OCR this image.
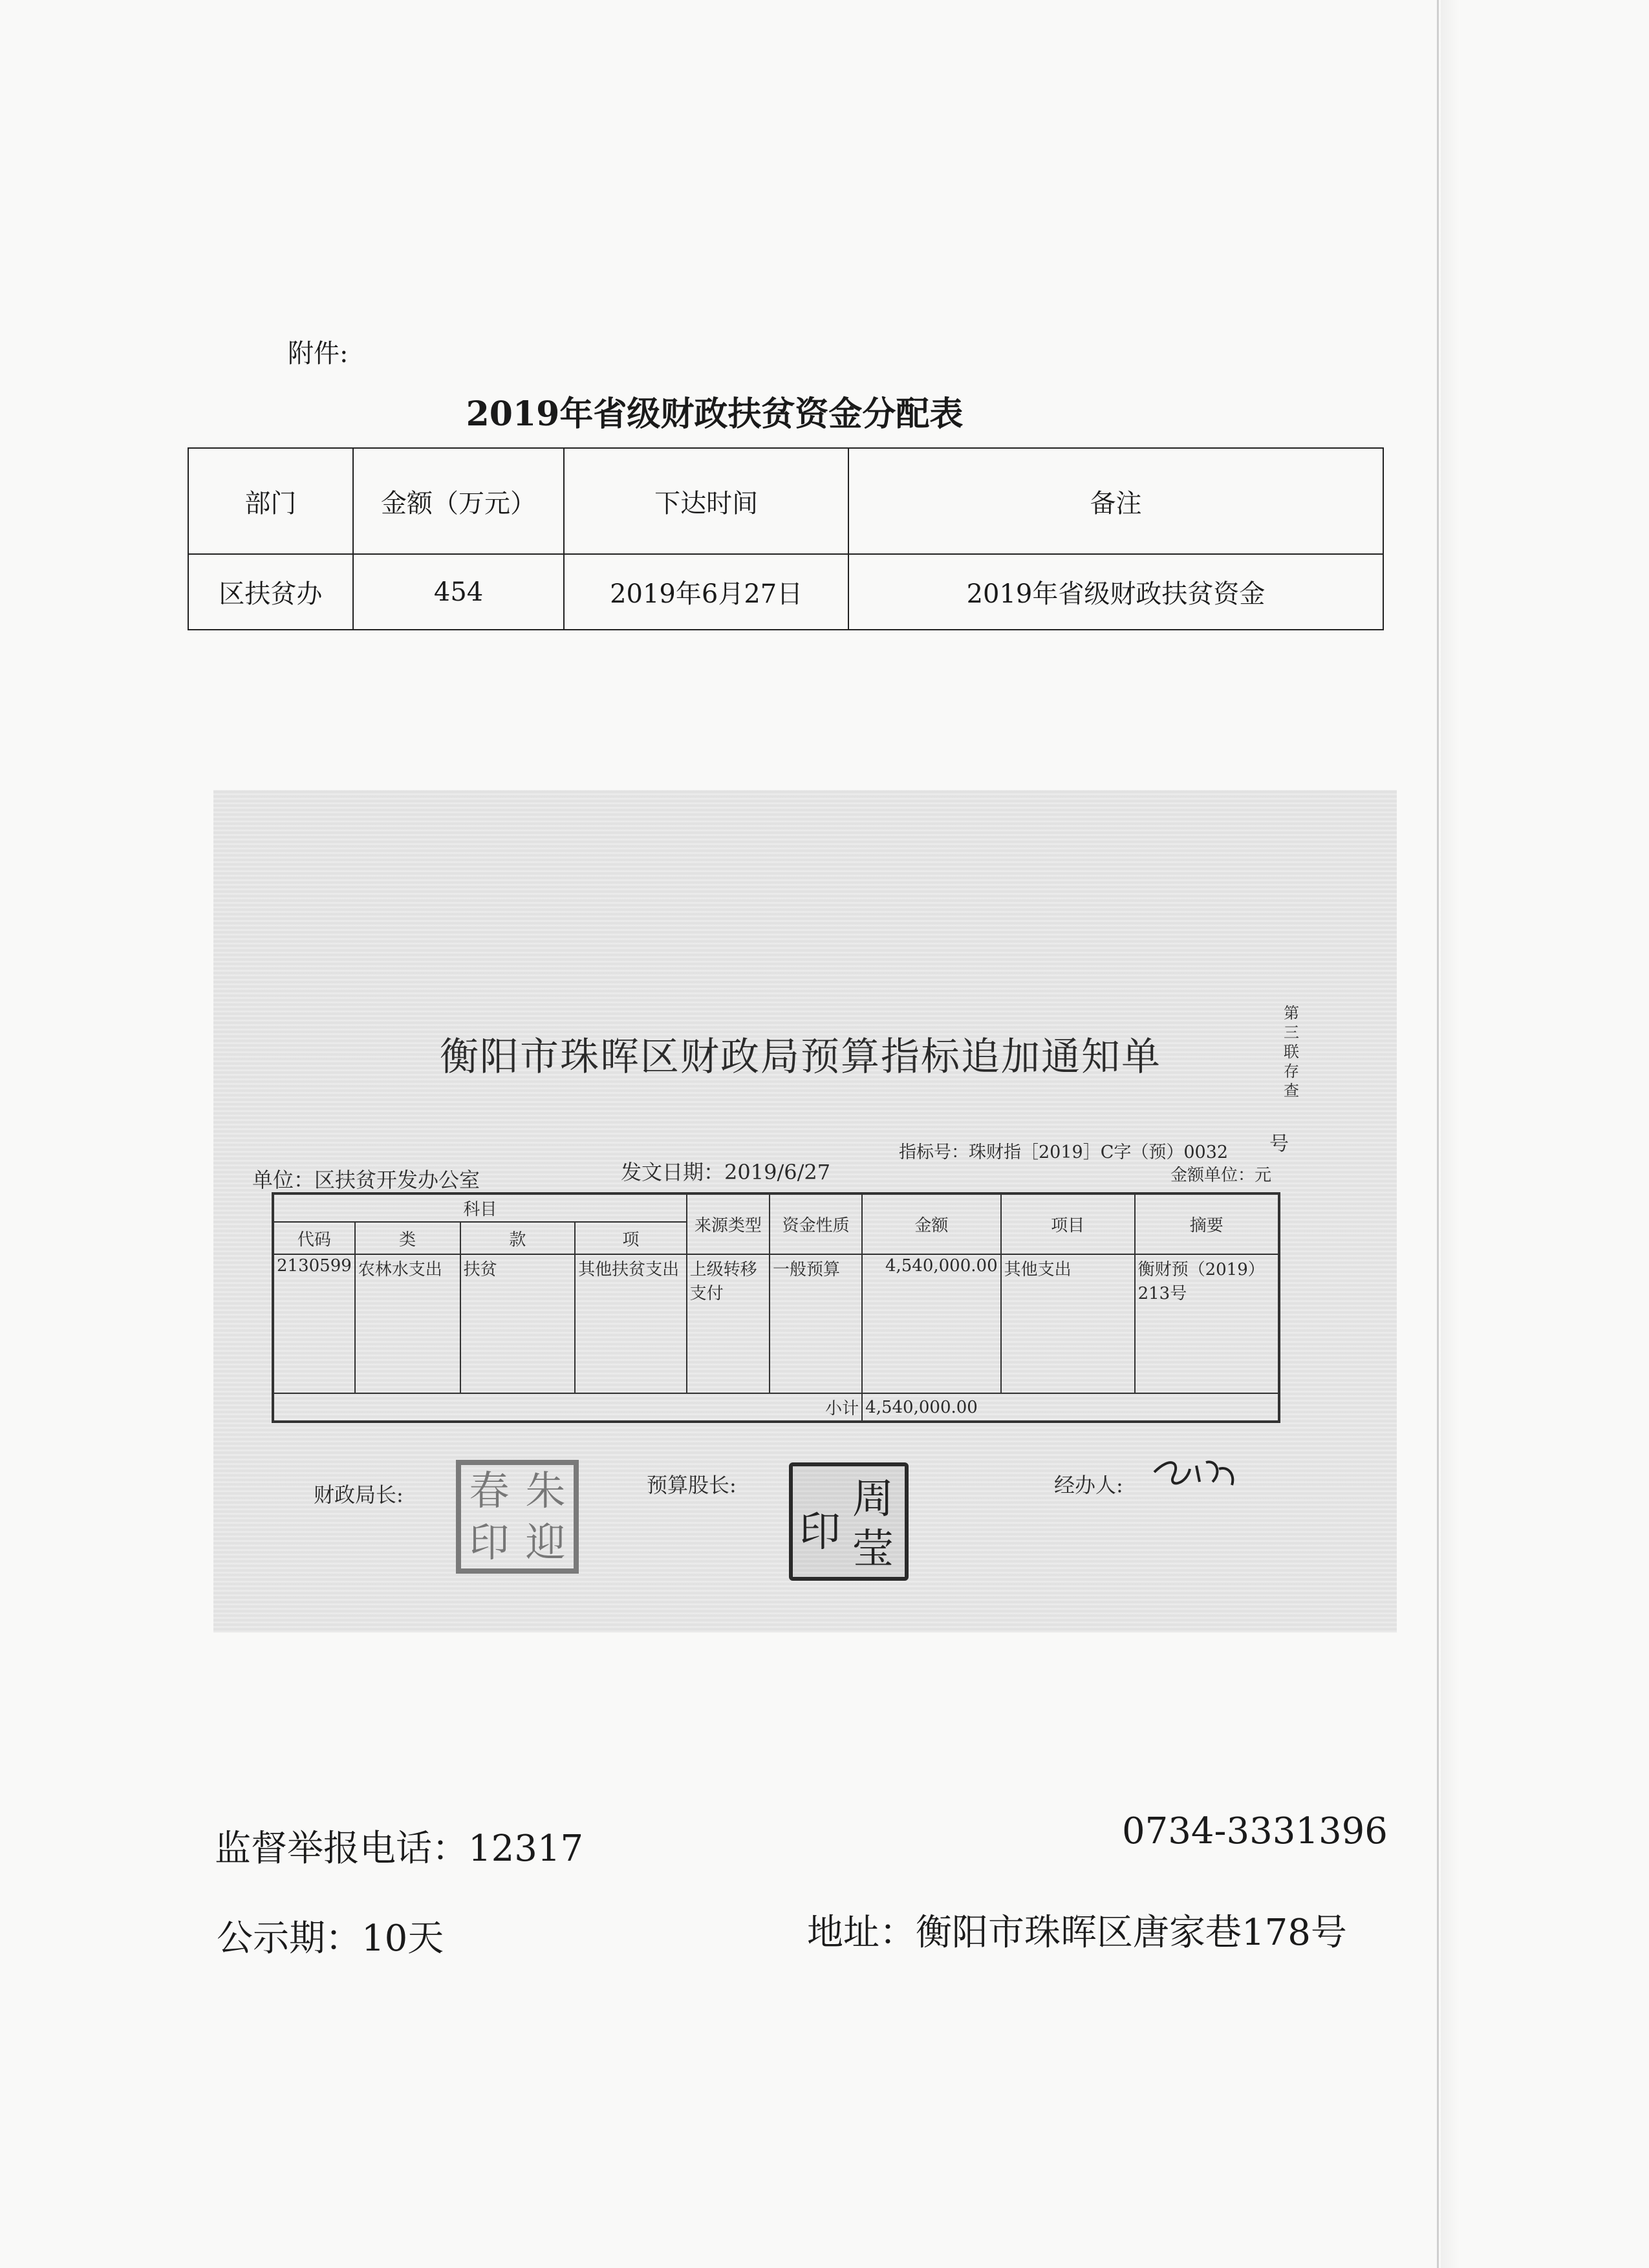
附件:
2019年省级财政扶贫资金分配表
部门	金额（万元）	下达时间	备注
区扶贫办	454	2019年6月27日	2019年省级财政扶贫资金
衡阳市珠晖区财政局预算指标追加通知单
第三联存查
指标号：珠财指［2019］C字（预）0032 号
单位：区扶贫开发办公室	发文日期：2019/6/27	金额单位：元
科目				来源类型	资金性质	金额	项目	摘要
代码	类	款	项					
2130599	农林水支出	扶贫	其他扶贫支出	上级转移支付	一般预算	4,540,000.00	其他支出	衡财预（2019）213号
小计						4,540,000.00		
财政局长:	预算股长:	经办人:
春 朱
印 迎	印
周莹
监督举报电话：12317	0734-3331396
公示期：10天	地址：衡阳市珠晖区唐家巷178号
